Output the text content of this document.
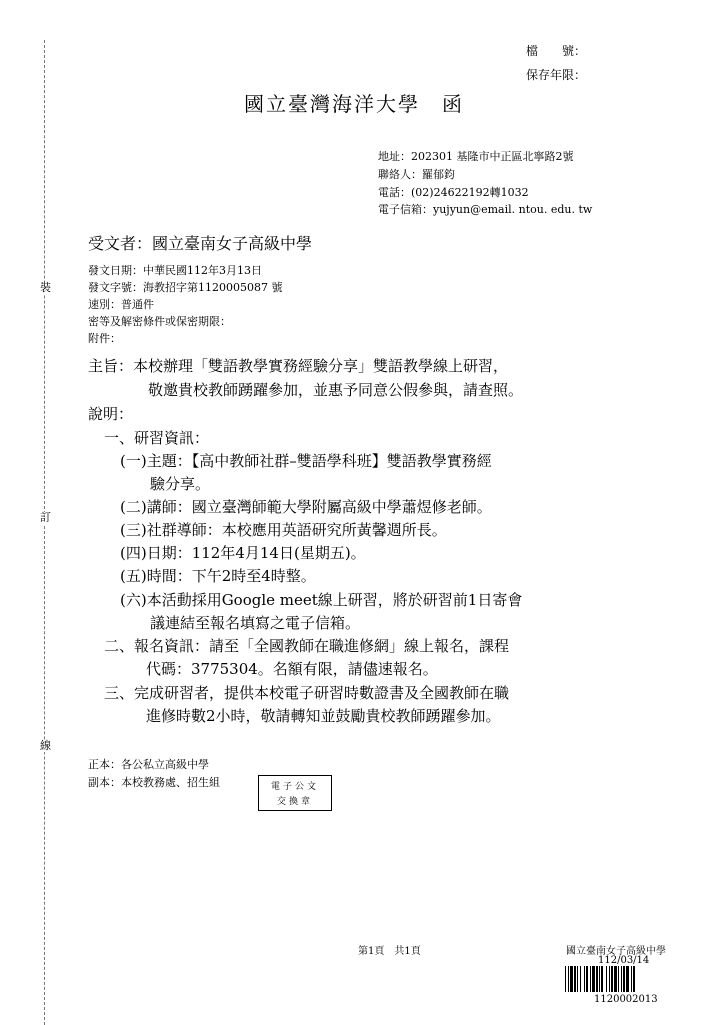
裝
訂
線
檔　　號：
保存年限：
國立臺灣海洋大學　函
地址：202301 基隆市中正區北寧路2號
聯絡人：羅郁鈞
電話：(02)24622192轉1032
電子信箱：yujyun@email. ntou. edu. tw
受文者：國立臺南女子高級中學
發文日期：中華民國112年3月13日
發文字號：海教招字第1120005087 號
速別：普通件
密等及解密條件或保密期限：
附件：
主旨：本校辦理「雙語教學實務經驗分享」雙語教學線上研習，
敬邀貴校教師踴躍參加，並惠予同意公假參與，請查照。
說明：
一、研習資訊：
(一)主題：【高中教師社群–雙語學科班】雙語教學實務經
驗分享。
(二)講師：國立臺灣師範大學附屬高級中學蕭煜修老師。
(三)社群導師：本校應用英語研究所黃馨週所長。
(四)日期：112年4月14日(星期五)。
(五)時間：下午2時至4時整。
(六)本活動採用Google meet線上研習，將於研習前1日寄會
議連結至報名填寫之電子信箱。
二、報名資訊：請至「全國教師在職進修網」線上報名，課程
代碼：3775304。名額有限，請儘速報名。
三、完成研習者，提供本校電子研習時數證書及全國教師在職
進修時數2小時，敬請轉知並鼓勵貴校教師踴躍參加。
正本：各公私立高級中學
副本：本校教務處、招生組	電子公文
交換章
第1頁　共1頁	國立臺南女子高級中學
112/03/14
1120002013
